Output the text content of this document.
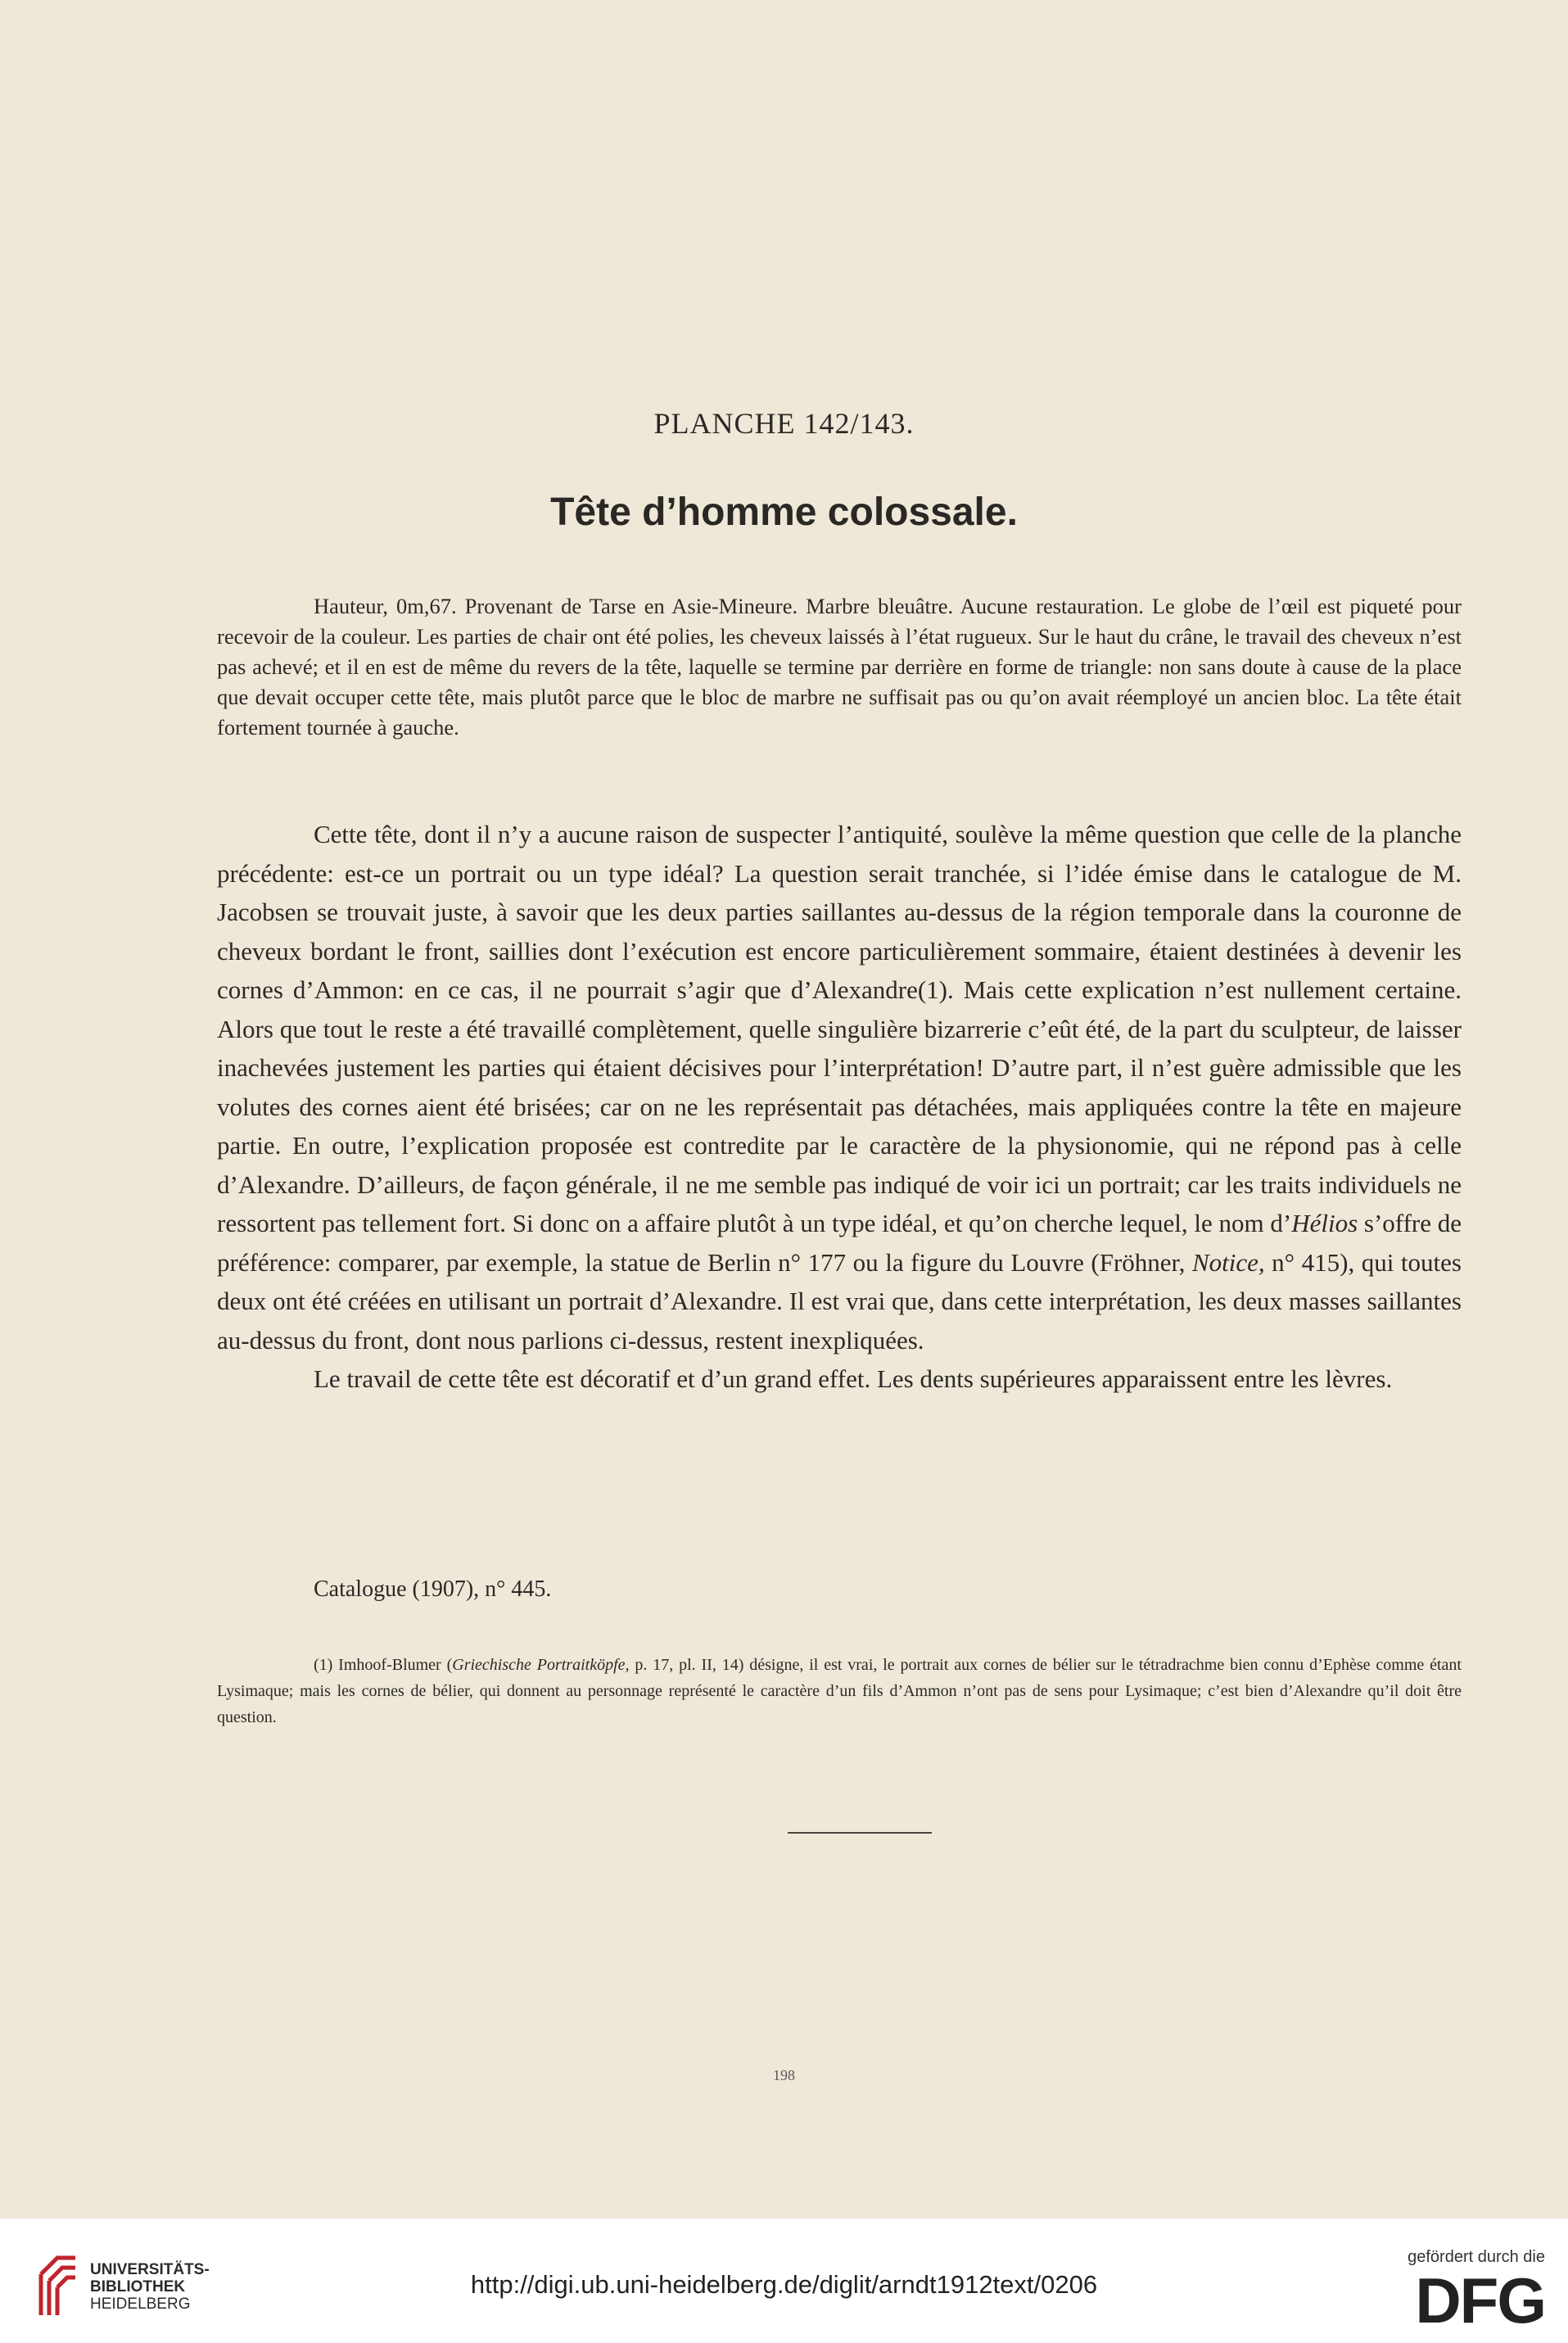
PLANCHE 142/143.
Tête d’homme colossale.
Hauteur, 0m,67. Provenant de Tarse en Asie-Mineure. Marbre bleuâtre. Aucune restauration. Le globe de l’œil est piqueté pour recevoir de la couleur. Les parties de chair ont été polies, les cheveux laissés à l’état rugueux. Sur le haut du crâne, le travail des cheveux n’est pas achevé; et il en est de même du revers de la tête, laquelle se termine par derrière en forme de triangle: non sans doute à cause de la place que devait occuper cette tête, mais plutôt parce que le bloc de marbre ne suffisait pas ou qu’on avait réemployé un ancien bloc. La tête était fortement tournée à gauche.

Cette tête, dont il n’y a aucune raison de suspecter l’antiquité, soulève la même question que celle de la planche précédente: est-ce un portrait ou un type idéal? La question serait tranchée, si l’idée émise dans le catalogue de M. Jacobsen se trouvait juste, à savoir que les deux parties saillantes au-dessus de la région temporale dans la couronne de cheveux bordant le front, saillies dont l’exécution est encore particulièrement sommaire, étaient destinées à devenir les cornes d’Ammon: en ce cas, il ne pourrait s’agir que d’Alexandre(1). Mais cette explication n’est nullement certaine. Alors que tout le reste a été travaillé complètement, quelle singulière bizarrerie c’eût été, de la part du sculpteur, de laisser inachevées justement les parties qui étaient décisives pour l’interprétation! D’autre part, il n’est guère admissible que les volutes des cornes aient été brisées; car on ne les représentait pas détachées, mais appliquées contre la tête en majeure partie. En outre, l’explication proposée est contredite par le caractère de la physionomie, qui ne répond pas à celle d’Alexandre. D’ailleurs, de façon générale, il ne me semble pas indiqué de voir ici un portrait; car les traits individuels ne ressortent pas tellement fort. Si donc on a affaire plutôt à un type idéal, et qu’on cherche lequel, le nom d’Hélios s’offre de préférence: comparer, par exemple, la statue de Berlin n° 177 ou la figure du Louvre (Fröhner, Notice, n° 415), qui toutes deux ont été créées en utilisant un portrait d’Alexandre. Il est vrai que, dans cette interprétation, les deux masses saillantes au-dessus du front, dont nous parlions ci-dessus, restent inexpliquées.

Le travail de cette tête est décoratif et d’un grand effet. Les dents supérieures apparaissent entre les lèvres.

Catalogue (1907), n° 445.
(1) Imhoof-Blumer (Griechische Portraitköpfe, p. 17, pl. II, 14) désigne, il est vrai, le portrait aux cornes de bélier sur le tétradrachme bien connu d’Ephèse comme étant Lysimaque; mais les cornes de bélier, qui donnent au personnage représenté le caractère d’un fils d’Ammon n’ont pas de sens pour Lysimaque; c’est bien d’Alexandre qu’il doit être question.
198
UNIVERSITÄTS-
BIBLIOTHEK
HEIDELBERG
http://digi.ub.uni-heidelberg.de/diglit/arndt1912text/0206
gefördert durch die
DFG
